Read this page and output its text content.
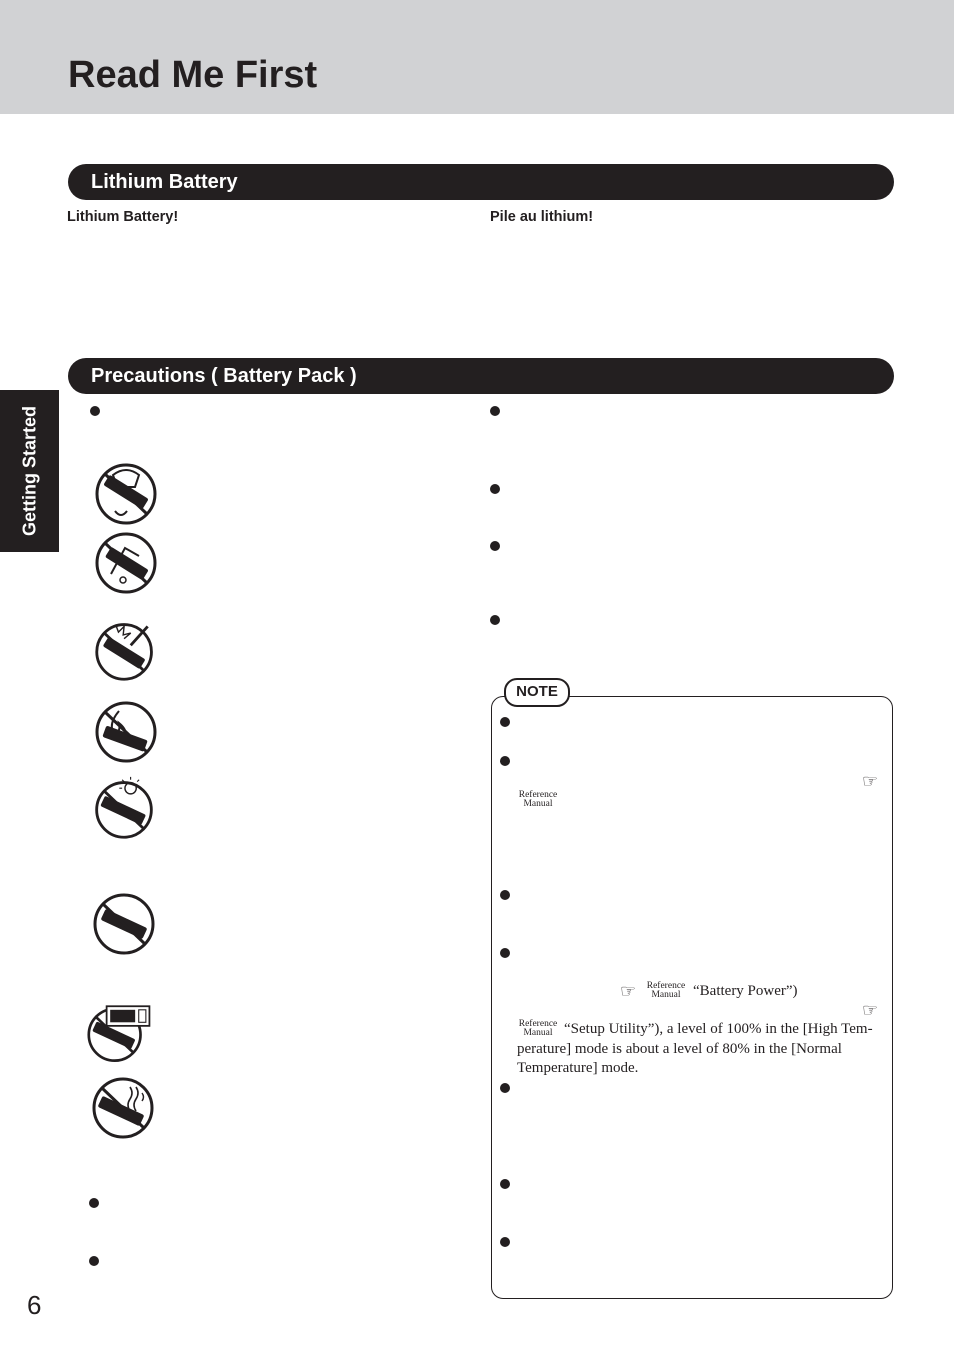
Read Me First
Getting Started
Lithium Battery
Lithium Battery!	Pile au lithium!
Precautions ( Battery Pack )
NOTE
☞
Reference
Manual
☞	Reference
Manual “Battery Power”)
☞
Reference
Manual “Setup Utility”), a level of 100% in the [High Tem-
perature] mode is about a level of 80% in the [Normal
Temperature] mode.
6
